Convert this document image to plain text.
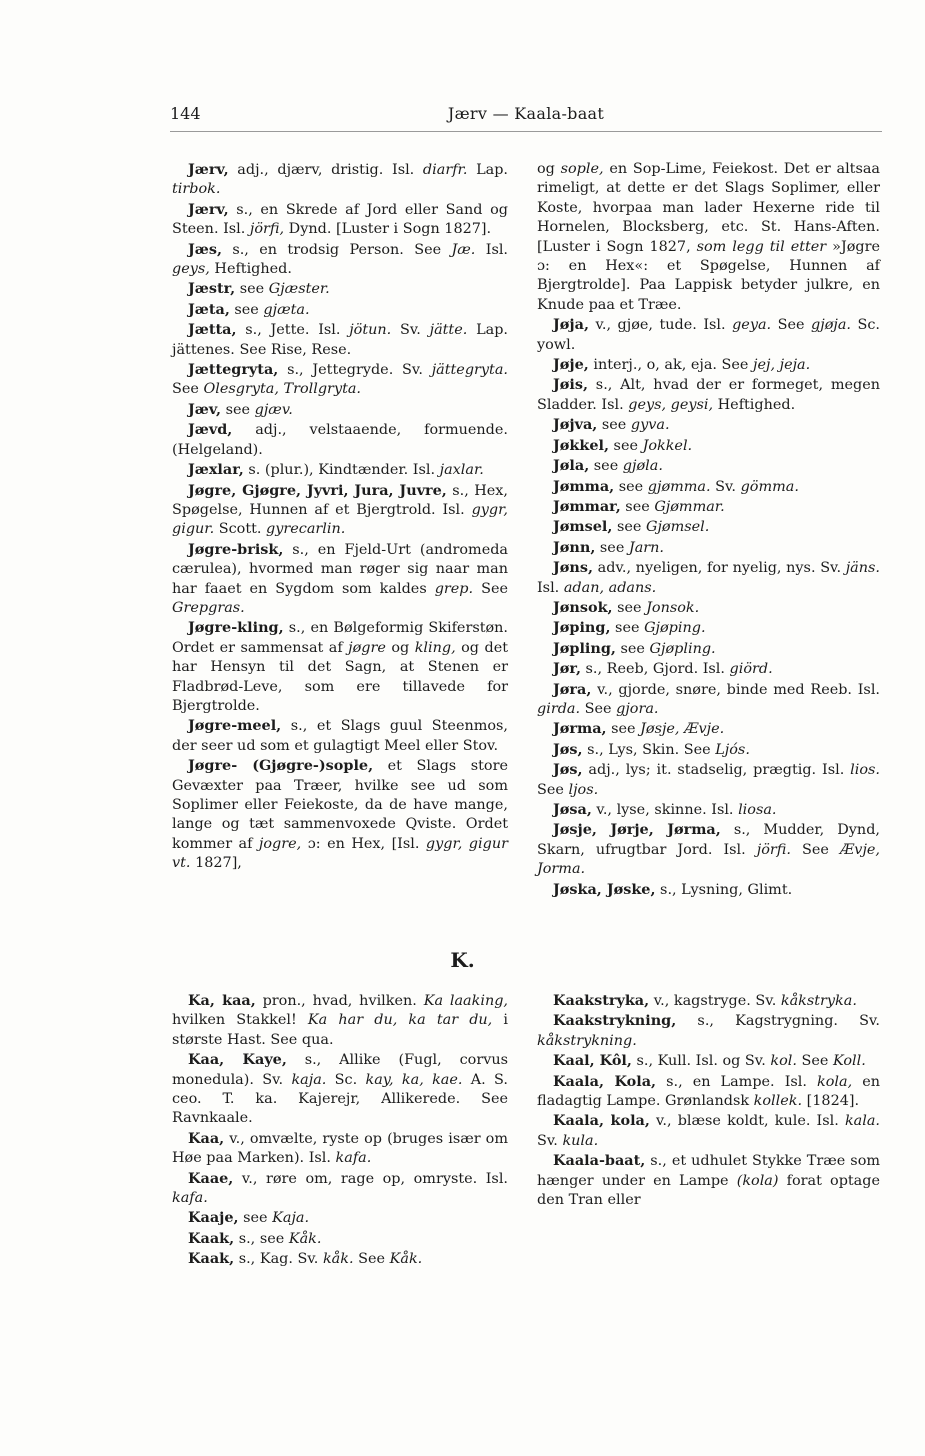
144	Jærv — Kaala-baat

Jærv, adj., djærv, dristig. Isl. diarfr. Lap. tirbok.

Jærv, s., en Skrede af Jord eller Sand og Steen. Isl. jörfi, Dynd. [Luster i Sogn 1827].

Jæs, s., en trodsig Person. See Jæ. Isl. geys, Heftighed.

Jæstr, see Gjæster.

Jæta, see gjæta.

Jætta, s., Jette. Isl. jötun. Sv. jätte. Lap. jättenes. See Rise, Rese.

Jættegryta, s., Jettegryde. Sv. jättegryta. See Olesgryta, Trollgryta.

Jæv, see gjæv.

Jævd, adj., velstaaende, formuende. (Helgeland).

Jæxlar, s. (plur.), Kindtænder. Isl. jaxlar.

Jøgre, Gjøgre, Jyvri, Jura, Juvre, s., Hex, Spøgelse, Hunnen af et Bjergtrold. Isl. gygr, gigur. Scott. gyrecarlin.

Jøgre-brisk, s., en Fjeld-Urt (andromeda cærulea), hvormed man røger sig naar man har faaet en Sygdom som kaldes grep. See Grepgras.

Jøgre-kling, s., en Bølgeformig Skiferstøn. Ordet er sammensat af jøgre og kling, og det har Hensyn til det Sagn, at Stenen er Fladbrød-Leve, som ere tillavede for Bjergtrolde.

Jøgre-meel, s., et Slags guul Steenmos, der seer ud som et gulagtigt Meel eller Stov.

Jøgre- (Gjøgre-)sople, et Slags store Gevæxter paa Træer, hvilke see ud som Soplimer eller Feiekoste, da de have mange, lange og tæt sammenvoxede Qviste. Ordet kommer af jogre, ɔ: en Hex, [Isl. gygr, gigur vt. 1827],

og sople, en Sop-Lime, Feiekost. Det er altsaa rimeligt, at dette er det Slags Soplimer, eller Koste, hvorpaa man lader Hexerne ride til Hornelen, Blocksberg, etc. St. Hans-Aften. [Luster i Sogn 1827, som legg til etter »Jøgre ɔ: en Hex«: et Spøgelse, Hunnen af Bjergtrolde]. Paa Lappisk betyder julkre, en Knude paa et Træe.

Jøja, v., gjøe, tude. Isl. geya. See gjøja. Sc. yowl.

Jøje, interj., o, ak, eja. See jej, jeja.

Jøis, s., Alt, hvad der er formeget, megen Sladder. Isl. geys, geysi, Heftighed.

Jøjva, see gyva.

Jøkkel, see Jokkel.

Jøla, see gjøla.

Jømma, see gjømma. Sv. gömma.

Jømmar, see Gjømmar.

Jømsel, see Gjømsel.

Jønn, see Jarn.

Jøns, adv., nyeligen, for nyelig, nys. Sv. jäns. Isl. adan, adans.

Jønsok, see Jonsok.

Jøping, see Gjøping.

Jøpling, see Gjøpling.

Jør, s., Reeb, Gjord. Isl. giörd.

Jøra, v., gjorde, snøre, binde med Reeb. Isl. girda. See gjora.

Jørma, see Jøsje, Ævje.

Jøs, s., Lys, Skin. See Ljós.

Jøs, adj., lys; it. stadselig, prægtig. Isl. lios. See ljos.

Jøsa, v., lyse, skinne. Isl. liosa.

Jøsje, Jørje, Jørma, s., Mudder, Dynd, Skarn, ufrugtbar Jord. Isl. jörfi. See Ævje, Jorma.

Jøska, Jøske, s., Lysning, Glimt.

K.

Ka, kaa, pron., hvad, hvilken. Ka laaking, hvilken Stakkel! Ka har du, ka tar du, i største Hast. See qua.

Kaa, Kaye, s., Allike (Fugl, corvus monedula). Sv. kaja. Sc. kay, ka, kae. A. S. ceo. T. ka. Kajerejr, Allikerede. See Ravnkaale.

Kaa, v., omvælte, ryste op (bruges især om Høe paa Marken). Isl. kafa.

Kaae, v., røre om, rage op, omryste. Isl. kafa.

Kaaje, see Kaja.

Kaak, s., see Kåk.

Kaak, s., Kag. Sv. kåk. See Kåk.

Kaakstryka, v., kagstryge. Sv. kåkstryka.

Kaakstrykning, s., Kagstrygning. Sv. kåkstrykning.

Kaal, Kôl, s., Kull. Isl. og Sv. kol. See Koll.

Kaala, Kola, s., en Lampe. Isl. kola, en fladagtig Lampe. Grønlandsk kollek. [1824].

Kaala, kola, v., blæse koldt, kule. Isl. kala. Sv. kula.

Kaala-baat, s., et udhulet Stykke Træe som hænger under en Lampe (kola) forat optage den Tran eller
